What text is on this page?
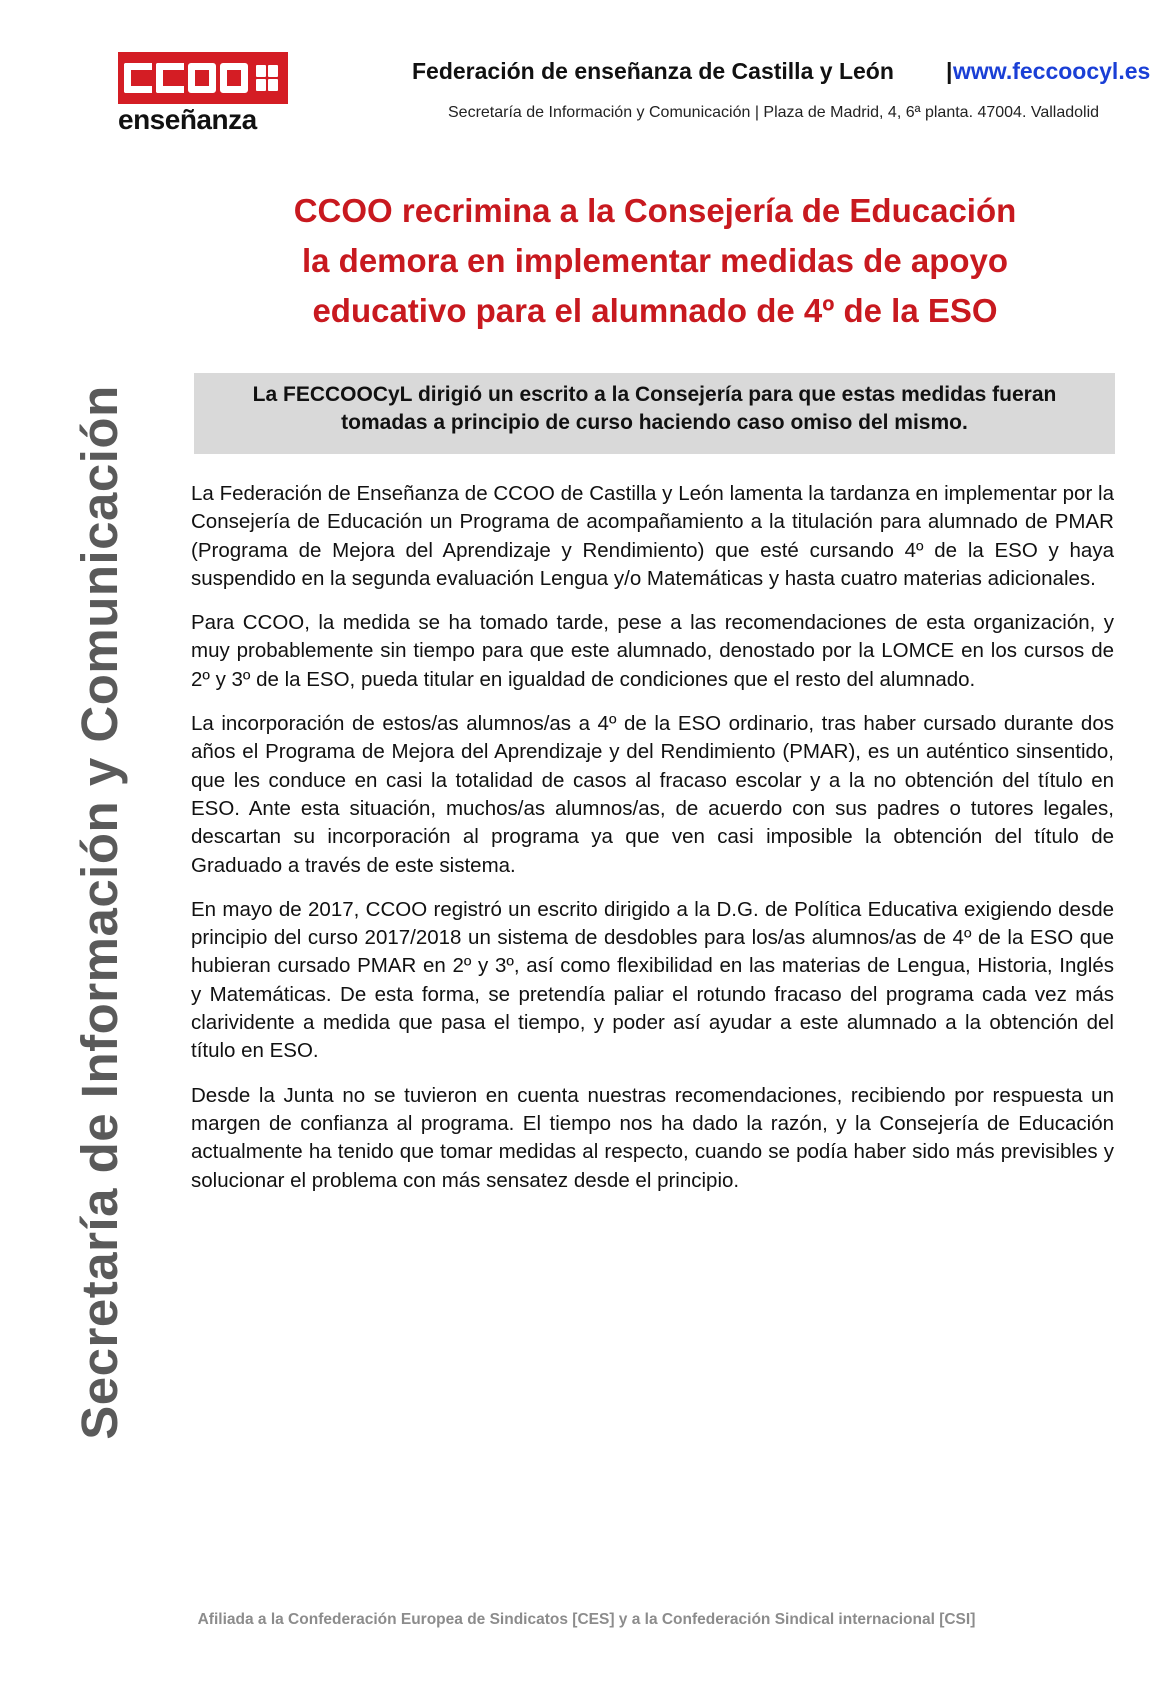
enseñanza
Federación de enseñanza de Castilla y León | www.feccoocyl.es
Secretaría de Información y Comunicación | Plaza de Madrid, 4, 6ª planta. 47004. Valladolid
Secretaría de Información y Comunicación
CCOO recrimina a la Consejería de Educación
la demora en implementar medidas de apoyo
educativo para el alumnado de 4º de la ESO
La FECCOOCyL dirigió un escrito a la Consejería para que estas medidas fueran tomadas a principio de curso haciendo caso omiso del mismo.

La Federación de Enseñanza de CCOO de Castilla y León lamenta la tardanza en implementar por la Consejería de Educación un Programa de acompañamiento a la titulación para alumnado de PMAR (Programa de Mejora del Aprendizaje y Rendimiento) que esté cursando 4º de la ESO y haya suspendido en la segunda evaluación Lengua y/o Matemáticas y hasta cuatro materias adicionales.

Para CCOO, la medida se ha tomado tarde, pese a las recomendaciones de esta organización, y muy probablemente sin tiempo para que este alumnado, denostado por la LOMCE en los cursos de 2º y 3º de la ESO, pueda titular en igualdad de condiciones que el resto del alumnado.

La incorporación de estos/as alumnos/as a 4º de la ESO ordinario, tras haber cursado durante dos años el Programa de Mejora del Aprendizaje y del Rendimiento (PMAR), es un auténtico sinsentido, que les conduce en casi la totalidad de casos al fracaso escolar y a la no obtención del título en ESO. Ante esta situación, muchos/as alumnos/as, de acuerdo con sus padres o tutores legales, descartan su incorporación al programa ya que ven casi imposible la obtención del título de Graduado a través de este sistema.

En mayo de 2017, CCOO registró un escrito dirigido a la D.G. de Política Educativa exigiendo desde principio del curso 2017/2018 un sistema de desdobles para los/as alumnos/as de 4º de la ESO que hubieran cursado PMAR en 2º y 3º, así como flexibilidad en las materias de Lengua, Historia, Inglés y Matemáticas. De esta forma, se pretendía paliar el rotundo fracaso del programa cada vez más clarividente a medida que pasa el tiempo, y poder así ayudar a este alumnado a la obtención del título en ESO.

Desde la Junta no se tuvieron en cuenta nuestras recomendaciones, recibiendo por respuesta un margen de confianza al programa. El tiempo nos ha dado la razón, y la Consejería de Educación actualmente ha tenido que tomar medidas al respecto, cuando se podía haber sido más previsibles y solucionar el problema con más sensatez desde el principio.

Afiliada a la Confederación Europea de Sindicatos [CES] y a la Confederación Sindical internacional [CSI]
